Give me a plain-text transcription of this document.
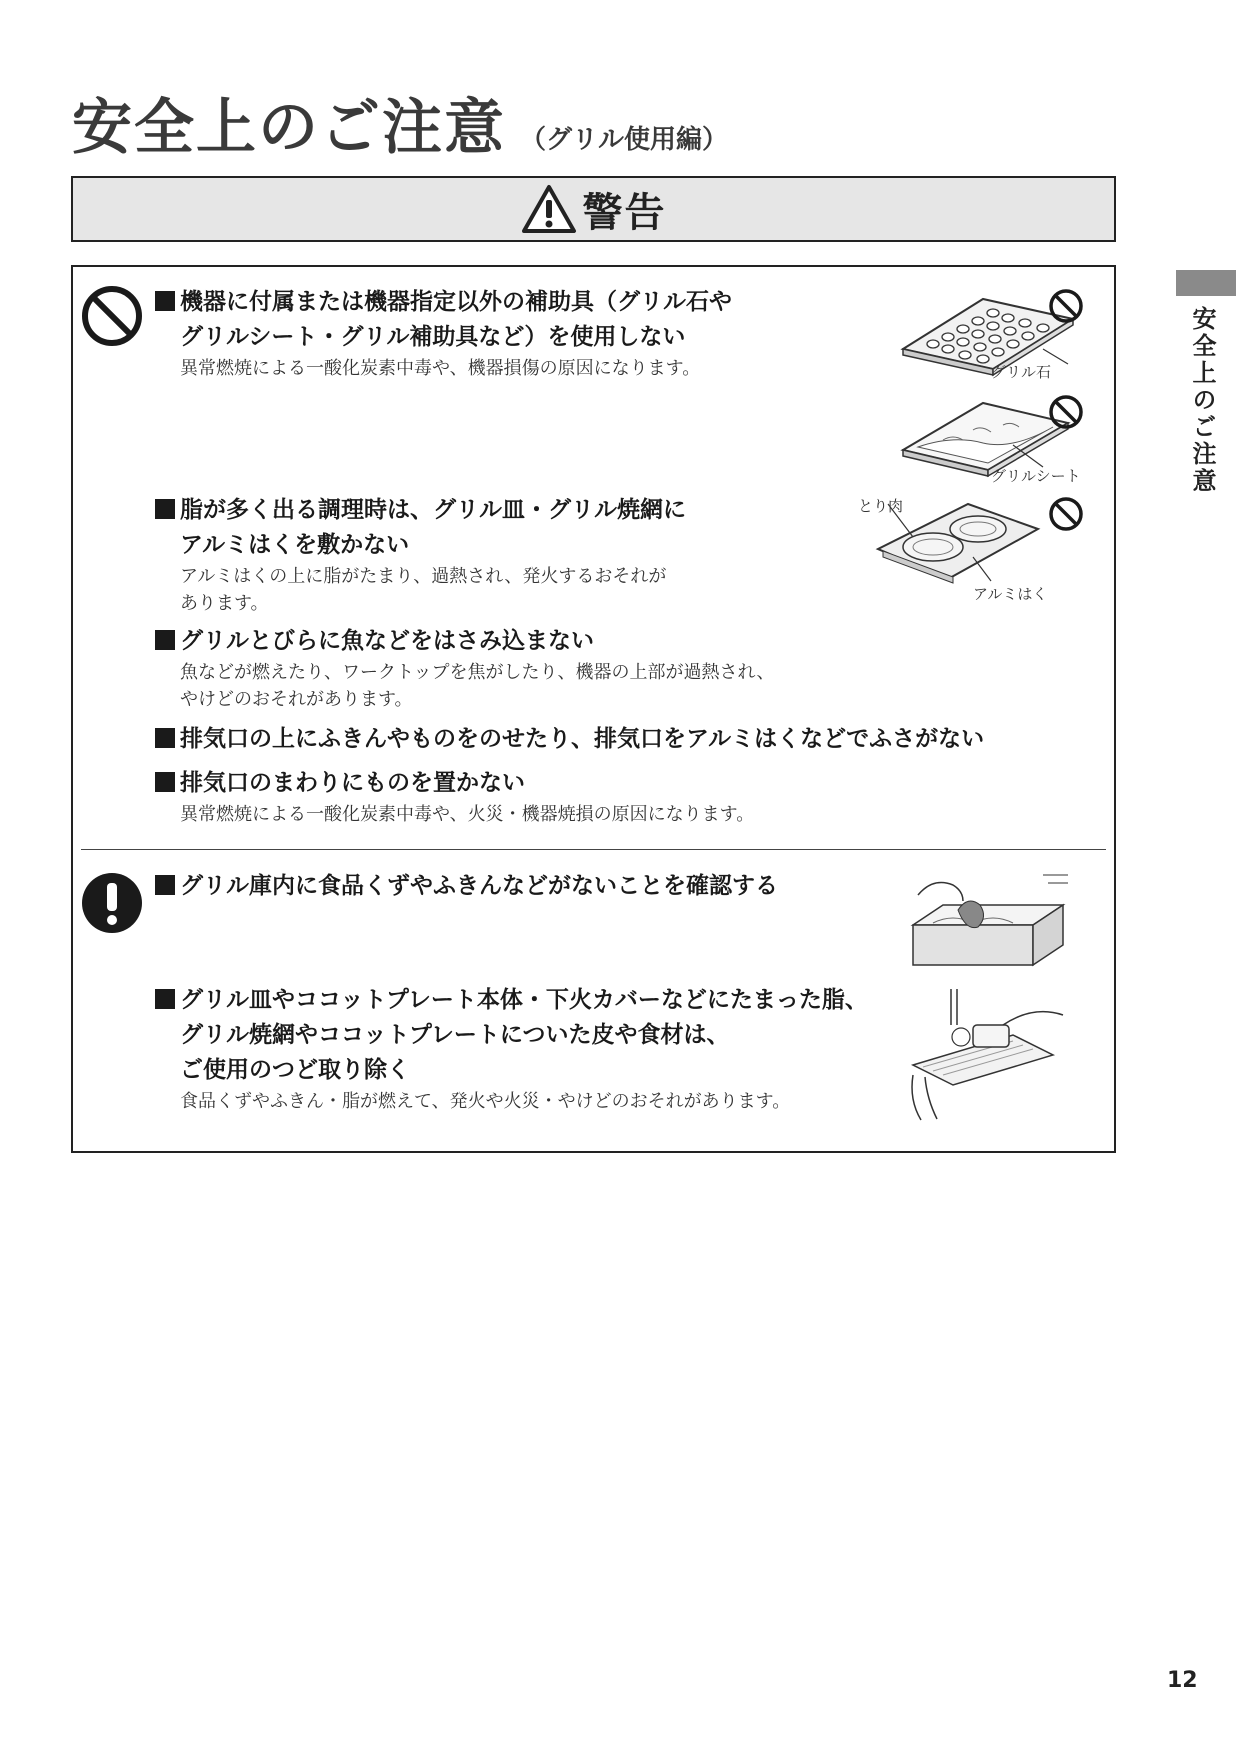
安全上のご注意 （グリル使用編）
警告
機器に付属または機器指定以外の補助具（グリル石や
グリルシート・グリル補助具など）を使用しない
異常燃焼による一酸化炭素中毒や、機器損傷の原因になります。
脂が多く出る調理時は、グリル皿・グリル焼網に
アルミはくを敷かない
アルミはくの上に脂がたまり、過熱され、発火するおそれが
あります。
グリルとびらに魚などをはさみ込まない
魚などが燃えたり、ワークトップを焦がしたり、機器の上部が過熱され、
やけどのおそれがあります。
排気口の上にふきんやものをのせたり、排気口をアルミはくなどでふさがない
排気口のまわりにものを置かない
異常燃焼による一酸化炭素中毒や、火災・機器焼損の原因になります。
グリル石
グリルシート
とり肉
アルミはく
グリル庫内に食品くずやふきんなどがないことを確認する
グリル皿やココットプレート本体・下火カバーなどにたまった脂、
グリル焼網やココットプレートについた皮や食材は、
ご使用のつど取り除く
食品くずやふきん・脂が燃えて、発火や火災・やけどのおそれがあります。
安全上のご注意
12
